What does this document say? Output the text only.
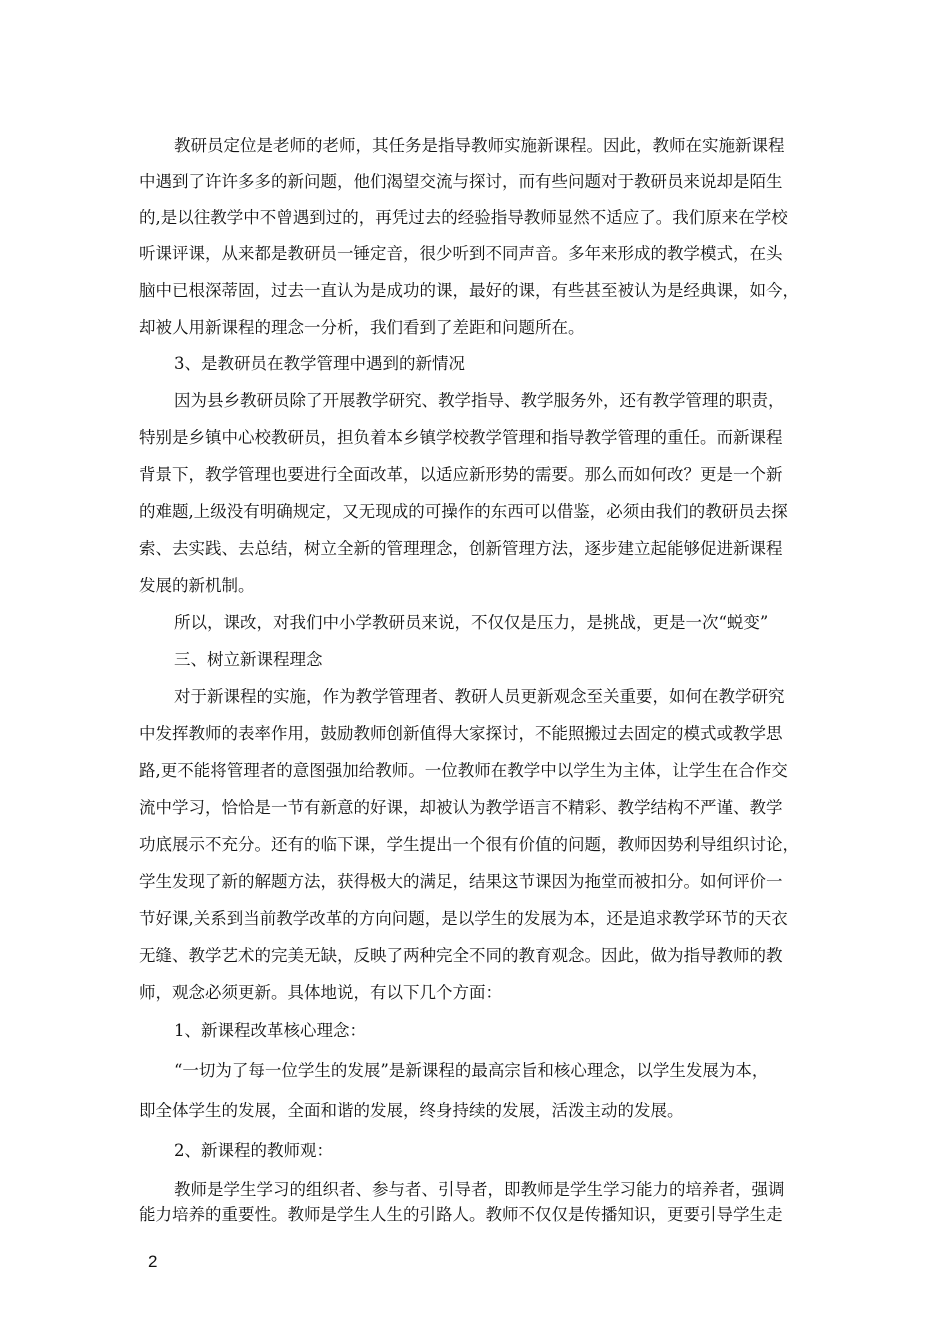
教研员定位是老师的老师，其任务是指导教师实施新课程。因此，教师在实施新课程
中遇到了许许多多的新问题，他们渴望交流与探讨，而有些问题对于教研员来说却是陌生
的,是以往教学中不曾遇到过的，再凭过去的经验指导教师显然不适应了。我们原来在学校
听课评课，从来都是教研员一锤定音，很少听到不同声音。多年来形成的教学模式，在头
脑中已根深蒂固，过去一直认为是成功的课，最好的课，有些甚至被认为是经典课，如今，
却被人用新课程的理念一分析，我们看到了差距和问题所在。
3、是教研员在教学管理中遇到的新情况
因为县乡教研员除了开展教学研究、教学指导、教学服务外，还有教学管理的职责，
特别是乡镇中心校教研员，担负着本乡镇学校教学管理和指导教学管理的重任。而新课程
背景下，教学管理也要进行全面改革，以适应新形势的需要。那么而如何改？更是一个新
的难题,上级没有明确规定，又无现成的可操作的东西可以借鉴，必须由我们的教研员去探
索、去实践、去总结，树立全新的管理理念，创新管理方法，逐步建立起能够促进新课程
发展的新机制。
所以，课改，对我们中小学教研员来说，不仅仅是压力，是挑战，更是一次“蜕变”
三、树立新课程理念
对于新课程的实施，作为教学管理者、教研人员更新观念至关重要，如何在教学研究
中发挥教师的表率作用，鼓励教师创新值得大家探讨，不能照搬过去固定的模式或教学思
路,更不能将管理者的意图强加给教师。一位教师在教学中以学生为主体，让学生在合作交
流中学习，恰恰是一节有新意的好课，却被认为教学语言不精彩、教学结构不严谨、教学
功底展示不充分。还有的临下课，学生提出一个很有价值的问题，教师因势利导组织讨论，
学生发现了新的解题方法，获得极大的满足，结果这节课因为拖堂而被扣分。如何评价一
节好课,关系到当前教学改革的方向问题，是以学生的发展为本，还是追求教学环节的天衣
无缝、教学艺术的完美无缺，反映了两种完全不同的教育观念。因此，做为指导教师的教
师，观念必须更新。具体地说，有以下几个方面：
1、新课程改革核心理念：
“一切为了每一位学生的发展”是新课程的最高宗旨和核心理念，以学生发展为本，
即全体学生的发展，全面和谐的发展，终身持续的发展，活泼主动的发展。
2、新课程的教师观：
教师是学生学习的组织者、参与者、引导者，即教师是学生学习能力的培养者，强调
能力培养的重要性。教师是学生人生的引路人。教师不仅仅是传播知识，更要引导学生走
2
